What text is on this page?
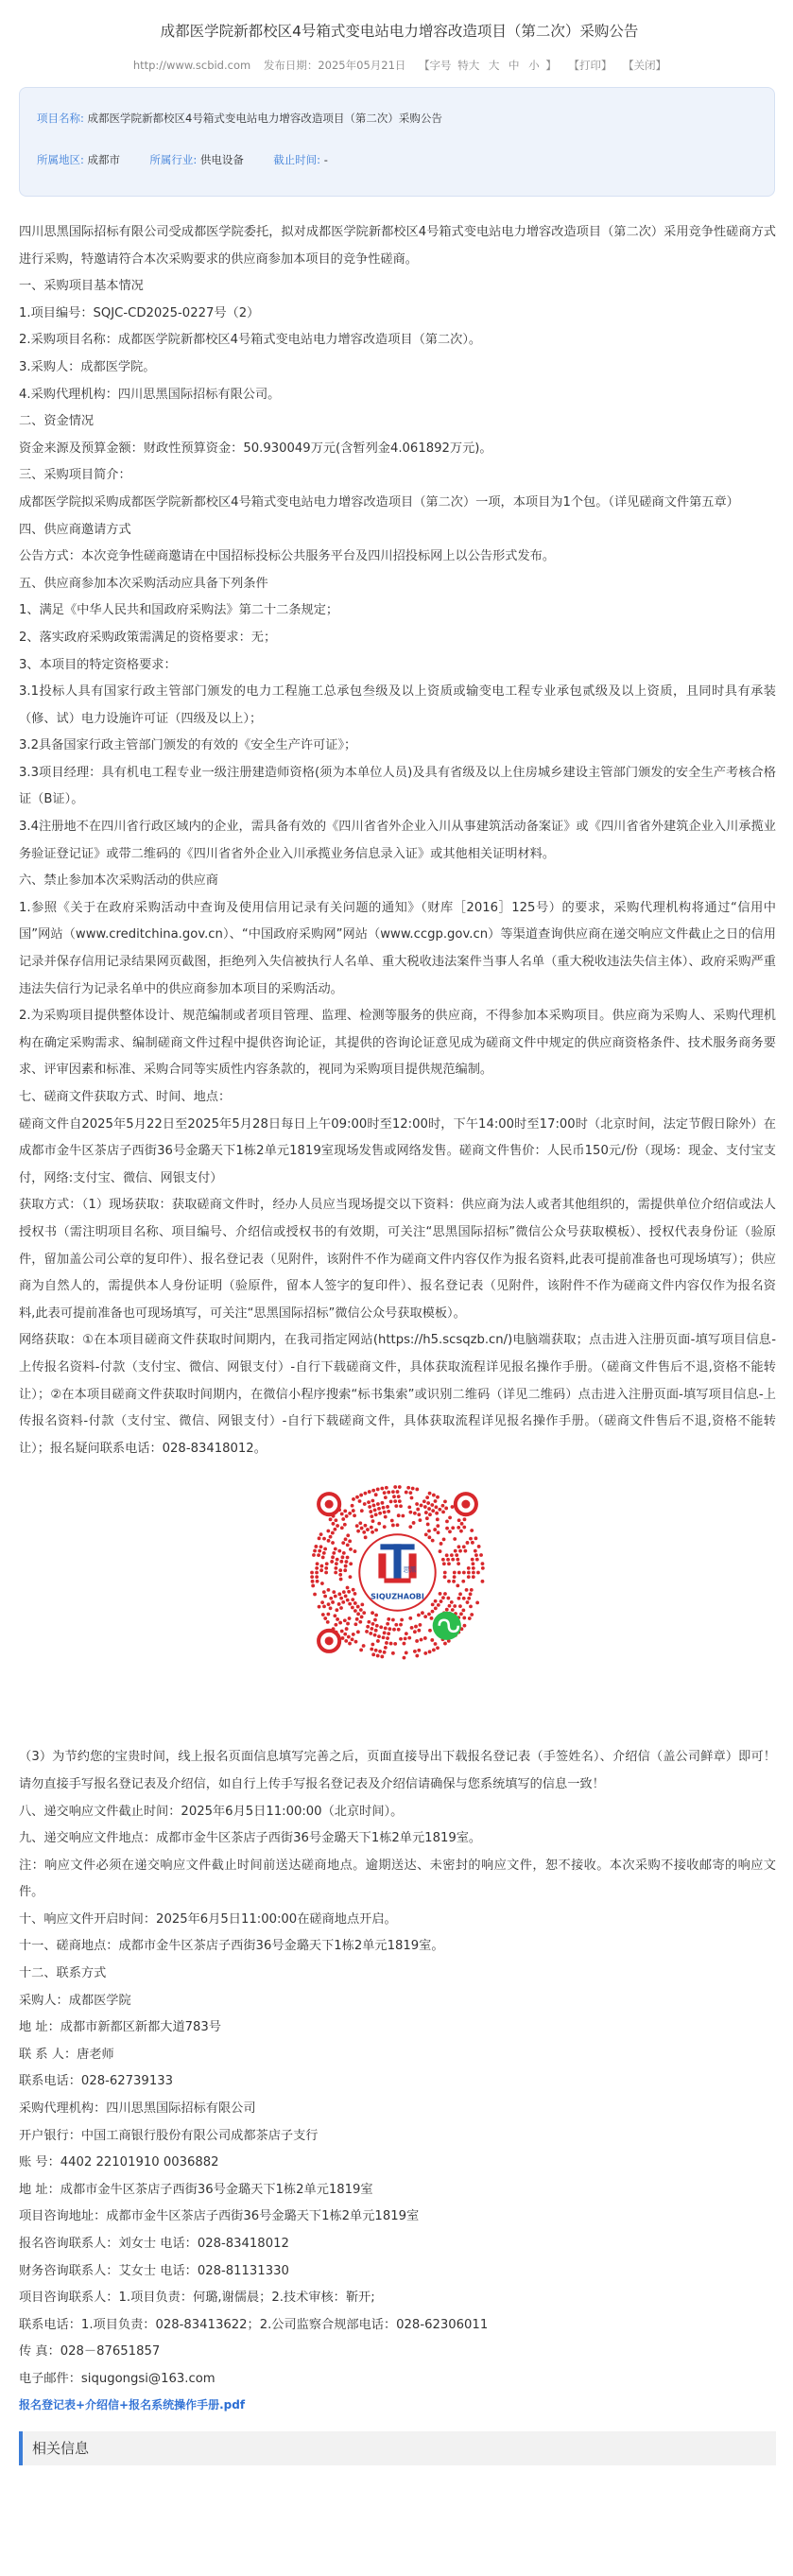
成都医学院新都校区4号箱式变电站电力增容改造项目（第二次）采购公告
http://www.scbid.com 发布日期：2025年05月21日 【字号 特大 大 中 小 】 【打印】 【关闭】
项目名称: 成都医学院新都校区4号箱式变电站电力增容改造项目（第二次）采购公告
所属地区: 成都市	所属行业: 供电设备	截止时间: -

四川思黑国际招标有限公司受成都医学院委托，拟对成都医学院新都校区4号箱式变电站电力增容改造项目（第二次）采用竞争性磋商方式进行采购，特邀请符合本次采购要求的供应商参加本项目的竞争性磋商。

一、采购项目基本情况

1.项目编号：SQJC-CD2025-0227号（2）

2.采购项目名称：成都医学院新都校区4号箱式变电站电力增容改造项目（第二次）。

3.采购人：成都医学院。

4.采购代理机构：四川思黑国际招标有限公司。

二、资金情况

资金来源及预算金额：财政性预算资金：50.930049万元(含暂列金4.061892万元)。

三、采购项目简介：

成都医学院拟采购成都医学院新都校区4号箱式变电站电力增容改造项目（第二次）一项，本项目为1个包。（详见磋商文件第五章）

四、供应商邀请方式

公告方式：本次竞争性磋商邀请在中国招标投标公共服务平台及四川招投标网上以公告形式发布。

五、供应商参加本次采购活动应具备下列条件

1、满足《中华人民共和国政府采购法》第二十二条规定；

2、落实政府采购政策需满足的资格要求：无；

3、本项目的特定资格要求：

3.1投标人具有国家行政主管部门颁发的电力工程施工总承包叁级及以上资质或输变电工程专业承包贰级及以上资质，且同时具有承装（修、试）电力设施许可证（四级及以上）；

3.2具备国家行政主管部门颁发的有效的《安全生产许可证》；

3.3项目经理：具有机电工程专业一级注册建造师资格(须为本单位人员)及具有省级及以上住房城乡建设主管部门颁发的安全生产考核合格证（B证）。

3.4注册地不在四川省行政区域内的企业，需具备有效的《四川省省外企业入川从事建筑活动备案证》或《四川省省外建筑企业入川承揽业务验证登记证》或带二维码的《四川省省外企业入川承揽业务信息录入证》或其他相关证明材料。

六、禁止参加本次采购活动的供应商

1.参照《关于在政府采购活动中查询及使用信用记录有关问题的通知》（财库［2016］125号）的要求，采购代理机构将通过“信用中国”网站（www.creditchina.gov.cn）、“中国政府采购网”网站（www.ccgp.gov.cn）等渠道查询供应商在递交响应文件截止之日的信用记录并保存信用记录结果网页截图，拒绝列入失信被执行人名单、重大税收违法案件当事人名单（重大税收违法失信主体）、政府采购严重违法失信行为记录名单中的供应商参加本项目的采购活动。

2.为采购项目提供整体设计、规范编制或者项目管理、监理、检测等服务的供应商，不得参加本采购项目。供应商为采购人、采购代理机构在确定采购需求、编制磋商文件过程中提供咨询论证，其提供的咨询论证意见成为磋商文件中规定的供应商资格条件、技术服务商务要求、评审因素和标准、采购合同等实质性内容条款的，视同为采购项目提供规范编制。

七、磋商文件获取方式、时间、地点：

磋商文件自2025年5月22日至2025年5月28日每日上午09:00时至12:00时，下午14:00时至17:00时（北京时间，法定节假日除外）在成都市金牛区茶店子西街36号金璐天下1栋2单元1819室现场发售或网络发售。磋商文件售价：人民币150元/份（现场：现金、支付宝支付，网络:支付宝、微信、网银支付）

获取方式：（1）现场获取：获取磋商文件时，经办人员应当现场提交以下资料：供应商为法人或者其他组织的，需提供单位介绍信或法人授权书（需注明项目名称、项目编号、介绍信或授权书的有效期，可关注“思黑国际招标”微信公众号获取模板）、授权代表身份证（验原件，留加盖公司公章的复印件）、报名登记表（见附件，该附件不作为磋商文件内容仅作为报名资料,此表可提前准备也可现场填写）；供应商为自然人的，需提供本人身份证明（验原件，留本人签字的复印件）、报名登记表（见附件，该附件不作为磋商文件内容仅作为报名资料,此表可提前准备也可现场填写，可关注“思黑国际招标”微信公众号获取模板）。

网络获取：①在本项目磋商文件获取时间期内，在我司指定网站(https://h5.scsqzb.cn/)电脑端获取；点击进入注册页面-填写项目信息-上传报名资料-付款（支付宝、微信、网银支付）-自行下载磋商文件，具体获取流程详见报名操作手册。（磋商文件售后不退,资格不能转让）；②在本项目磋商文件获取时间期内，在微信小程序搜索“标书集索”或识别二维码（详见二维码）点击进入注册页面-填写项目信息-上传报名资料-付款（支付宝、微信、网银支付）-自行下载磋商文件，具体获取流程详见报名操作手册。（磋商文件售后不退,资格不能转让）；报名疑问联系电话：028-83418012。

思黑
SIQUZHAOBI

（3）为节约您的宝贵时间，线上报名页面信息填写完善之后，页面直接导出下载报名登记表（手签姓名）、介绍信（盖公司鲜章）即可！请勿直接手写报名登记表及介绍信，如自行上传手写报名登记表及介绍信请确保与您系统填写的信息一致！

八、递交响应文件截止时间：2025年6月5日11:00:00（北京时间）。

九、递交响应文件地点：成都市金牛区茶店子西街36号金璐天下1栋2单元1819室。

注：响应文件必须在递交响应文件截止时间前送达磋商地点。逾期送达、未密封的响应文件，恕不接收。本次采购不接收邮寄的响应文件。

十、响应文件开启时间：2025年6月5日11:00:00在磋商地点开启。

十一、磋商地点：成都市金牛区茶店子西街36号金璐天下1栋2单元1819室。

十二、联系方式

采购人：成都医学院

地 址：成都市新都区新都大道783号

联 系 人：唐老师

联系电话：028-62739133

采购代理机构：四川思黑国际招标有限公司

开户银行：中国工商银行股份有限公司成都茶店子支行

账 号：4402 22101910 0036882

地 址：成都市金牛区茶店子西街36号金璐天下1栋2单元1819室

项目咨询地址：成都市金牛区茶店子西街36号金璐天下1栋2单元1819室

报名咨询联系人：刘女士 电话：028-83418012

财务咨询联系人：艾女士 电话：028-81131330

项目咨询联系人：1.项目负责：何璐,谢儒晨；2.技术审核：靳开;

联系电话：1.项目负责：028-83413622；2.公司监察合规部电话：028-62306011

传 真：028－87651857

电子邮件：siqugongsi@163.com

报名登记表+介绍信+报名系统操作手册.pdf
相关信息
